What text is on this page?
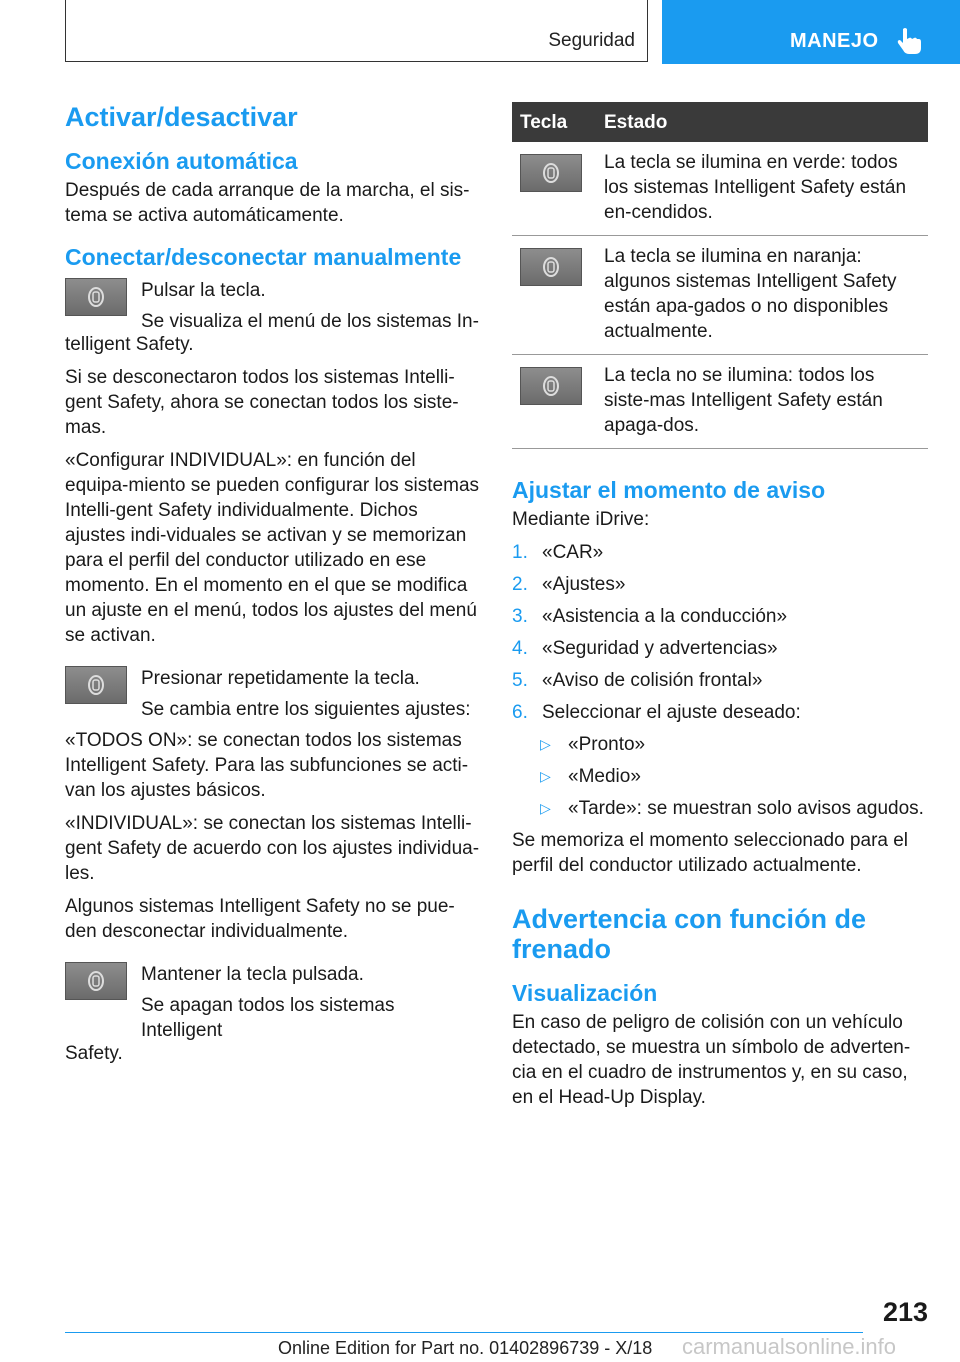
Seguridad	MANEJO
Activar/desactivar
Conexión automática

Después de cada arranque de la marcha, el sis-tema se activa automáticamente.

Conectar/desconectar manualmente

Pulsar la tecla.

Se visualiza el menú de los sistemas In-

telligent Safety.

Si se desconectaron todos los sistemas Intelli-gent Safety, ahora se conectan todos los siste-mas.

«Configurar INDIVIDUAL»: en función del equipa-miento se pueden configurar los sistemas Intelli-gent Safety individualmente. Dichos ajustes indi-viduales se activan y se memorizan para el perfil del conductor utilizado en ese momento. En el momento en el que se modifica un ajuste en el menú, todos los ajustes del menú se activan.

Presionar repetidamente la tecla.

Se cambia entre los siguientes ajustes:

«TODOS ON»: se conectan todos los sistemas Intelligent Safety. Para las subfunciones se acti-van los ajustes básicos.

«INDIVIDUAL»: se conectan los sistemas Intelli-gent Safety de acuerdo con los ajustes individua-les.

Algunos sistemas Intelligent Safety no se pue-den desconectar individualmente.

Mantener la tecla pulsada.

Se apagan todos los sistemas Intelligent

Safety.

Tecla	Estado

	La tecla se ilumina en verde: todos los sistemas Intelligent Safety están en-cendidos.

	La tecla se ilumina en naranja: algunos sistemas Intelligent Safety están apa-gados o no disponibles actualmente.

	La tecla no se ilumina: todos los siste-mas Intelligent Safety están apaga-dos.
Ajustar el momento de aviso

Mediante iDrive:

1. «CAR»
2. «Ajustes»
3. «Asistencia a la conducción»
4. «Seguridad y advertencias»
5. «Aviso de colisión frontal»
6. Seleccionar el ajuste deseado:
▷ «Pronto»
▷ «Medio»
▷ «Tarde»: se muestran solo avisos agudos.

Se memoriza el momento seleccionado para el perfil del conductor utilizado actualmente.

Advertencia con función de frenado
Visualización

En caso de peligro de colisión con un vehículo detectado, se muestra un símbolo de adverten-cia en el cuadro de instrumentos y, en su caso, en el Head-Up Display.

213
Online Edition for Part no. 01402896739 - X/18 carmanualsonline.info
